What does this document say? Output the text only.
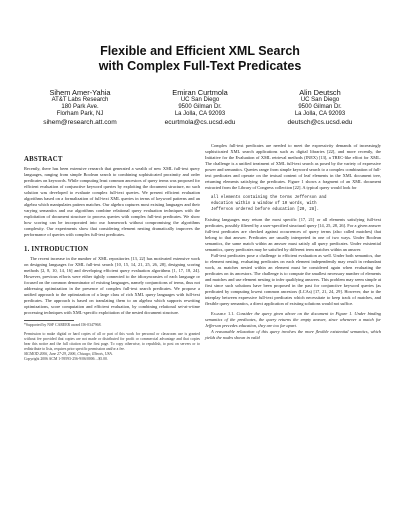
Flexible and Efficient XML Search
with Complex Full-Text Predicates
Sihem Amer-Yahia
AT&T Labs Research
180 Park Ave.
Florham Park, NJ
sihem@research.att.com
Emiran Curtmola
UC San Diego
9500 Gilman Dr.
La Jolla, CA 92093
ecurtmola@cs.ucsd.edu
Alin Deutsch
UC San Diego
9500 Gilman Dr.
La Jolla, CA 92093
deutsch@cs.ucsd.edu
ABSTRACT

Recently, there has been extensive research that generated a wealth of new XML full-text query languages, ranging from simple Boolean search to combining sophisticated proximity and order predicates on keywords. While computing least common ancestors of query terms was proposed for efficient evaluation of conjunctive keyword queries by exploiting the document structure, no such solution was developed to evaluate complex full-text queries. We present efficient evaluation algorithms based on a formalization of full-text XML queries in terms of keyword patterns and an algebra which manipulates pattern matches. Our algebra captures most existing languages and their varying semantics and our algorithms combine relational query evaluation techniques with the exploitation of document structure to process queries with complex full-text predicates. We show how scoring can be incorporated into our framework without compromising the algorithms complexity. Our experiments show that considering element nesting dramatically improves the performance of queries with complex full-text predicates.

1. INTRODUCTION

The recent increase in the number of XML repositories [13, 22] has motivated extensive work on designing languages for XML full-text search [10, 15, 14, 21, 25, 26, 28], designing scoring methods [2, 8, 10, 14, 16] and developing efficient query evaluation algorithms [1, 17, 18, 24]. However, previous efforts were either tightly connected to the idiosyncrasies of each language or focused on the common denominator of existing languages, namely conjunctions of terms, thus not addressing optimization in the presence of complex full-text search predicates. We propose a unified approach to the optimization of a large class of rich XML query languages with full-text predicates. The approach is based on translating them to an algebra which supports rewriting optimizations, score computation and efficient evaluation, by combining relational set-at-a-time processing techniques with XML-specific exploitation of the nested document structure.

*Supported by NSF CAREER award IIS-0347968.

Permission to make digital or hard copies of all or part of this work for personal or classroom use is granted without fee provided that copies are not made or distributed for profit or commercial advantage and that copies bear this notice and the full citation on the first page. To copy otherwise, to republish, to post on servers or to redistribute to lists, requires prior specific permission and/or a fee.

SIGMOD 2006, June 27-29, 2006, Chicago, Illinois, USA.

Copyright 2006 ACM 1-59593-256-9/06/0006 ...$5.00.

Complex full-text predicates are needed to meet the expressivity demands of increasingly sophisticated XML search applications such as digital libraries [22], and more recently, the Initiative for the Evaluation of XML retrieval methods (INEX) [13], a TREC-like effort for XML. The challenge is a unified treatment of XML full-text search as posed by the variety of expressive power and semantics. Queries range from simple keyword search to a complex combination of full-text predicates and operate on the textual content of leaf elements in the XML document tree, returning elements satisfying the predicates. Figure 1 shows a fragment of an XML document extracted from the Library of Congress collection [22]. A typical query would look for

all elements containing the terms Jefferson and
education within a window of 10 words, with
Jefferson ordered before education [20, 28].

Existing languages may return the most specific [17, 21] or all elements satisfying full-text predicates, possibly filtered by a user-specified structural query [14, 25, 28, 26]. For a given answer full-text predicates are checked against occurrences of query terms (also called matches) that belong to that answer. Predicates are usually interpreted in one of two ways. Under Boolean semantics, the same match within an answer must satisfy all query predicates. Under existential semantics, query predicates may be satisfied by different term matches within an answer.

Full-text predicates pose a challenge to efficient evaluation as well. Under both semantics, due to element nesting, evaluating predicates on each element independently may result in redundant work, as matches nested within an element must be considered again when evaluating the predicates on its ancestors. The challenge is to compute the smallest necessary number of elements and matches and use element nesting to infer qualifying answers. This problem may seem simple at first since such solutions have been proposed in the past for conjunctive keyword queries (as predicated by computing lowest common ancestors (LCAs) [17, 21, 24, 29]. However, due to the interplay between expressive full-text predicates which necessitate to keep track of matches, and flexible query semantics, a direct application of existing solutions would not suffice.

Example 1.1. Consider the query given above on the document in Figure 1. Under binding semantics of the predicates, the query returns the empty answer, since whenever a match for Jefferson precedes education, they are too far apart.

A reasonable relaxation of this query involves the more flexible existential semantics, which yields the nodes shown in valid
